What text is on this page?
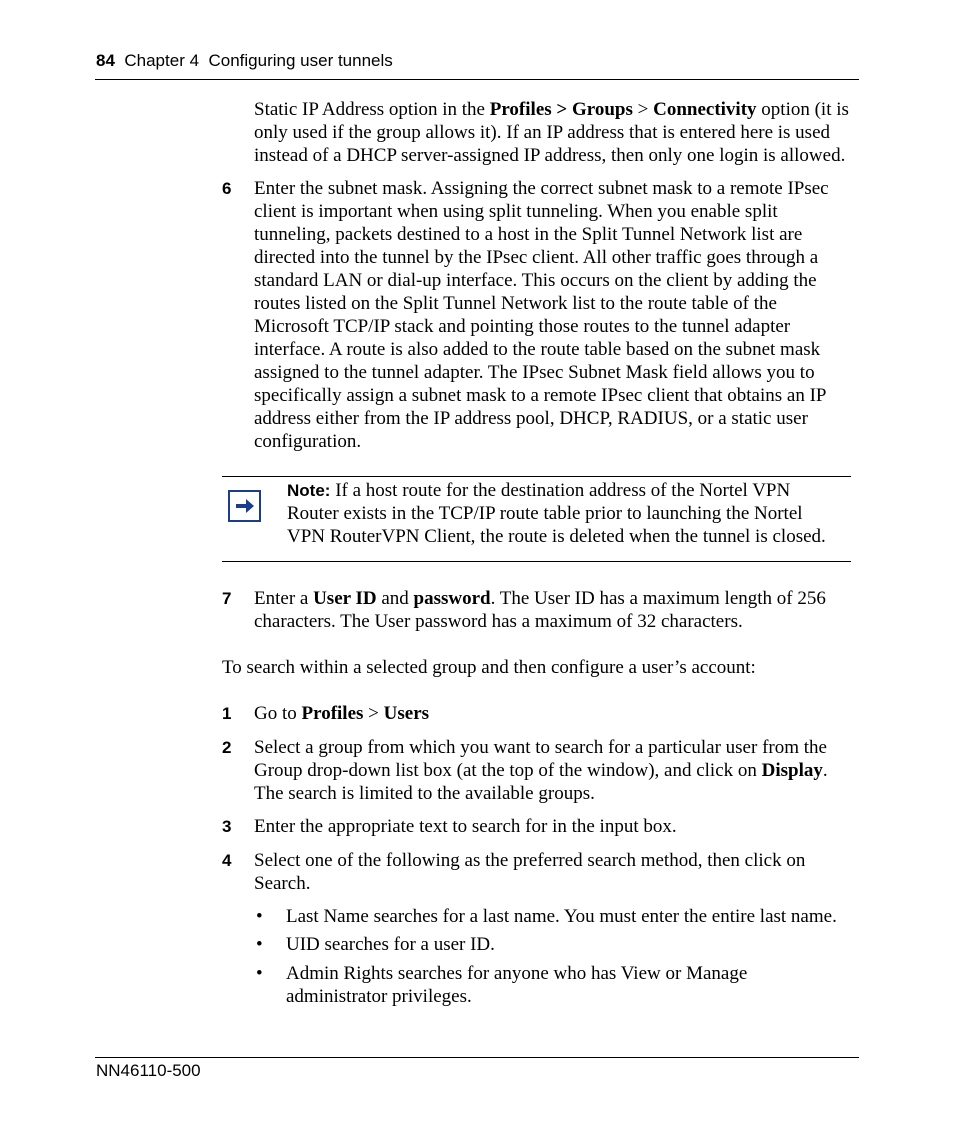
84 Chapter 4 Configuring user tunnels
Static IP Address option in the Profiles > Groups > Connectivity option (it is
only used if the group allows it). If an IP address that is entered here is used
instead of a DHCP server-assigned IP address, then only one login is allowed.
6 Enter the subnet mask. Assigning the correct subnet mask to a remote IPsec
client is important when using split tunneling. When you enable split
tunneling, packets destined to a host in the Split Tunnel Network list are
directed into the tunnel by the IPsec client. All other traffic goes through a
standard LAN or dial-up interface. This occurs on the client by adding the
routes listed on the Split Tunnel Network list to the route table of the
Microsoft TCP/IP stack and pointing those routes to the tunnel adapter
interface. A route is also added to the route table based on the subnet mask
assigned to the tunnel adapter. The IPsec Subnet Mask field allows you to
specifically assign a subnet mask to a remote IPsec client that obtains an IP
address either from the IP address pool, DHCP, RADIUS, or a static user
configuration.
Note: If a host route for the destination address of the Nortel VPN
Router exists in the TCP/IP route table prior to launching the Nortel
VPN RouterVPN Client, the route is deleted when the tunnel is closed.
7 Enter a User ID and password. The User ID has a maximum length of 256
characters. The User password has a maximum of 32 characters.
To search within a selected group and then configure a user’s account:
1 Go to Profiles > Users
2 Select a group from which you want to search for a particular user from the
Group drop-down list box (at the top of the window), and click on Display.
The search is limited to the available groups.
3 Enter the appropriate text to search for in the input box.
4 Select one of the following as the preferred search method, then click on
Search.
• Last Name searches for a last name. You must enter the entire last name.
• UID searches for a user ID.
• Admin Rights searches for anyone who has View or Manage
administrator privileges.
NN46110-500
